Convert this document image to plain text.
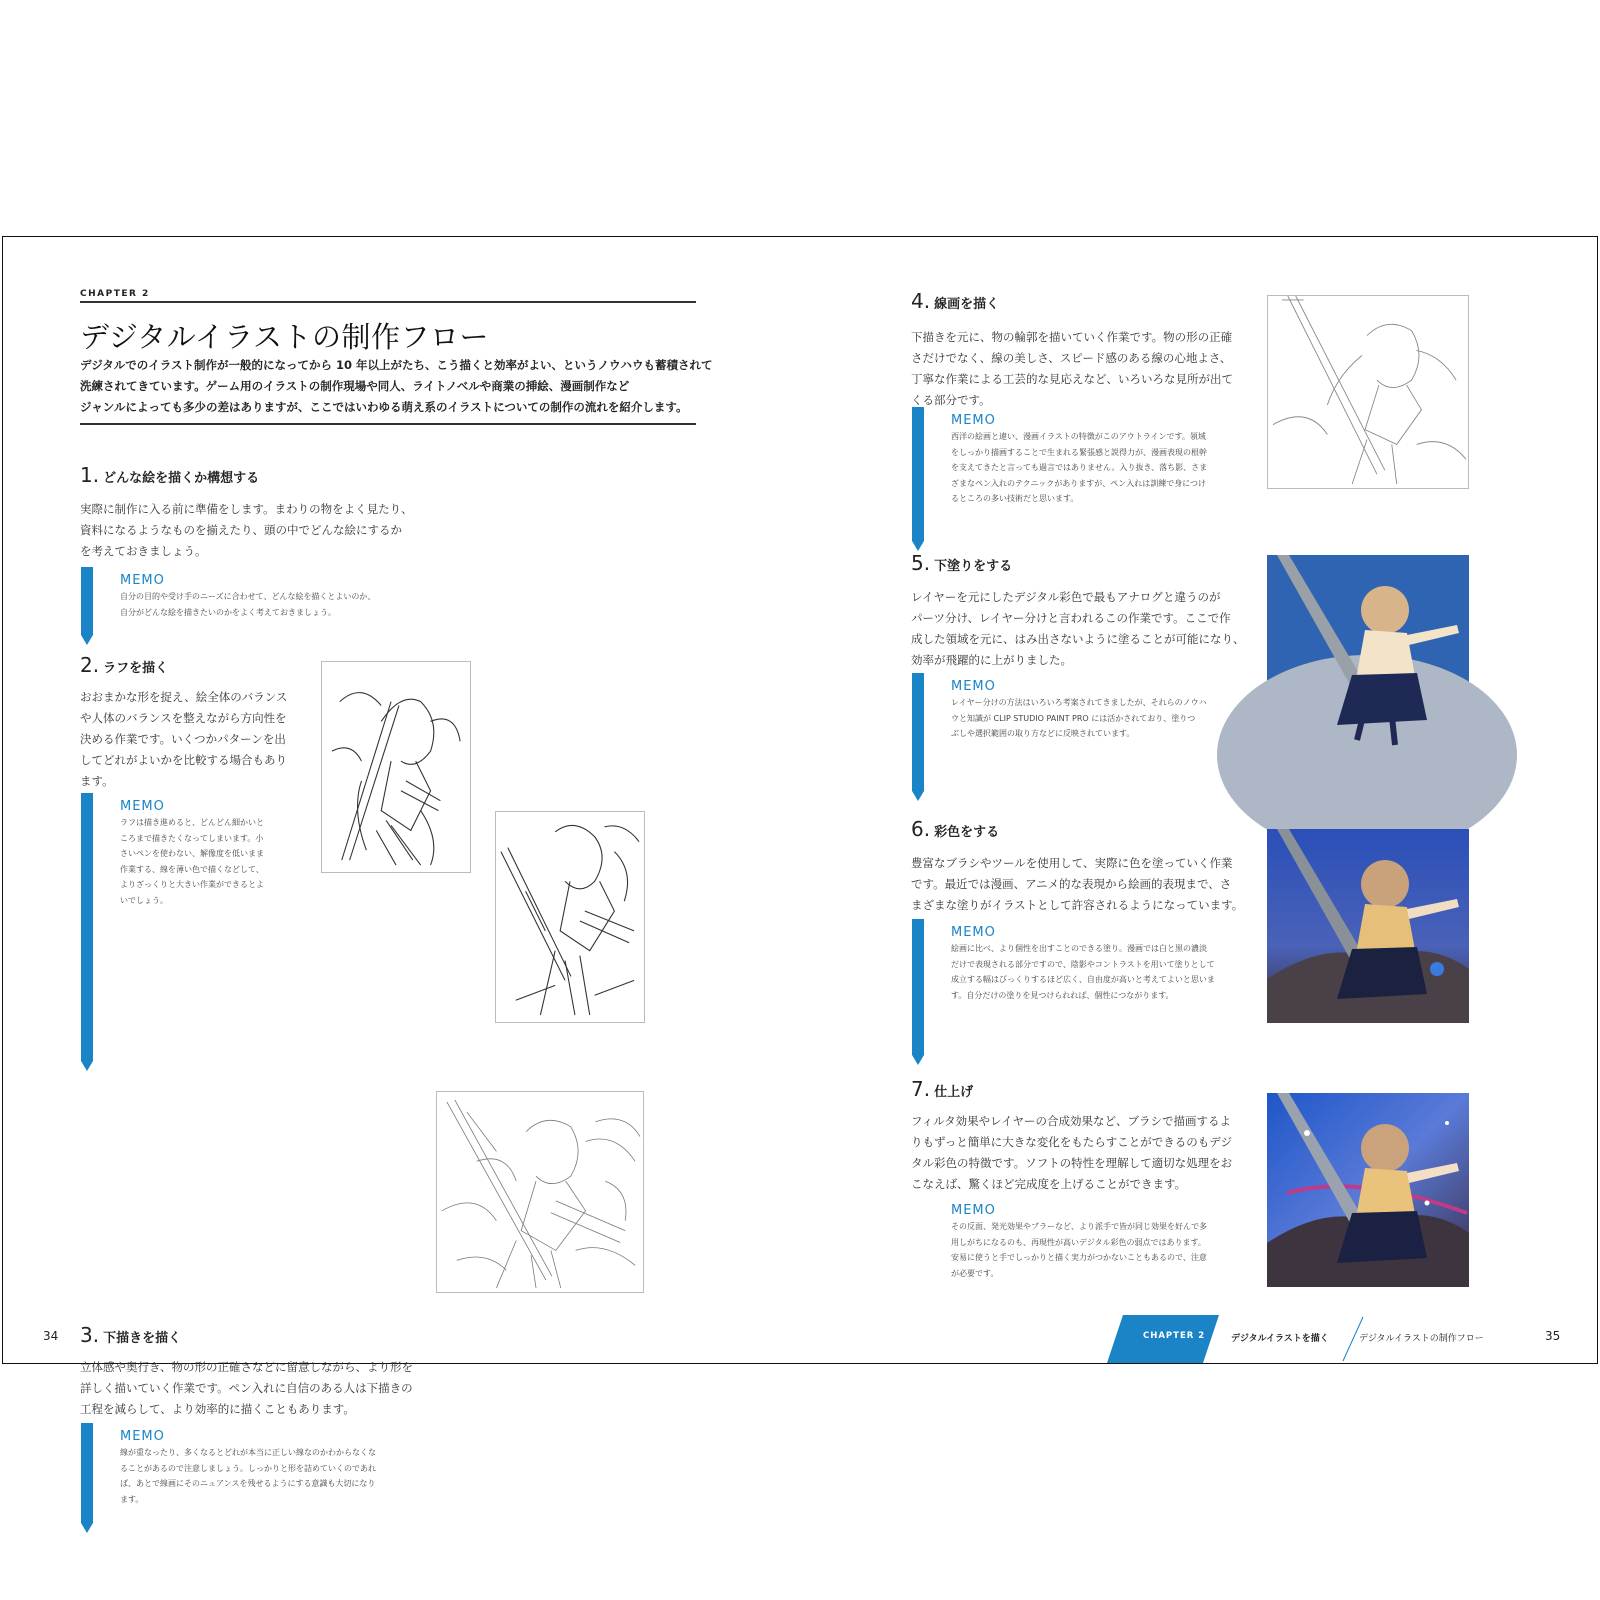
CHAPTER 2
デジタルイラストの制作フロー
デジタルでのイラスト制作が一般的になってから 10 年以上がたち、こう描くと効率がよい、というノウハウも蓄積されて
洗練されてきています。ゲーム用のイラストの制作現場や同人、ライトノベルや商業の挿絵、漫画制作など
ジャンルによっても多少の差はありますが、ここではいわゆる萌え系のイラストについての制作の流れを紹介します。
1. どんな絵を描くか構想する
実際に制作に入る前に準備をします。まわりの物をよく見たり、
資料になるようなものを揃えたり、頭の中でどんな絵にするか
を考えておきましょう。
MEMO
自分の目的や受け手のニーズに合わせて、どんな絵を描くとよいのか、
自分がどんな絵を描きたいのかをよく考えておきましょう。
2. ラフを描く
おおまかな形を捉え、絵全体のバランス
や人体のバランスを整えながら方向性を
決める作業です。いくつかパターンを出
してどれがよいかを比較する場合もあり
ます。
MEMO
ラフは描き進めると、どんどん細かいと
ころまで描きたくなってしまいます。小
さいペンを使わない、解像度を低いまま
作業する、線を薄い色で描くなどして、
よりざっくりと大きい作業ができるとよ
いでしょう。
3. 下描きを描く
立体感や奥行き、物の形の正確さなどに留意しながら、より形を
詳しく描いていく作業です。ペン入れに自信のある人は下描きの
工程を減らして、より効率的に描くこともあります。
MEMO
線が重なったり、多くなるとどれが本当に正しい線なのかわからなくな
ることがあるので注意しましょう。しっかりと形を詰めていくのであれ
ば、あとで線画にそのニュアンスを残せるようにする意識も大切になり
ます。
4. 線画を描く
下描きを元に、物の輪郭を描いていく作業です。物の形の正確
さだけでなく、線の美しさ、スピード感のある線の心地よさ、
丁寧な作業による工芸的な見応えなど、いろいろな見所が出て
くる部分です。
MEMO
西洋の絵画と違い、漫画イラストの特徴がこのアウトラインです。領域
をしっかり描画することで生まれる緊張感と説得力が、漫画表現の根幹
を支えてきたと言っても過言ではありません。入り抜き、落ち影、さま
ざまなペン入れのテクニックがありますが、ペン入れは訓練で身につけ
るところの多い技術だと思います。
5. 下塗りをする
レイヤーを元にしたデジタル彩色で最もアナログと違うのが
パーツ分け、レイヤー分けと言われるこの作業です。ここで作
成した領域を元に、はみ出さないように塗ることが可能になり、
効率が飛躍的に上がりました。
MEMO
レイヤー分けの方法はいろいろ考案されてきましたが、それらのノウハ
ウと知識が CLIP STUDIO PAINT PRO には活かされており、塗りつ
ぶしや選択範囲の取り方などに反映されています。
6. 彩色をする
豊富なブラシやツールを使用して、実際に色を塗っていく作業
です。最近では漫画、アニメ的な表現から絵画的表現まで、さ
まざまな塗りがイラストとして許容されるようになっています。
MEMO
絵画に比べ、より個性を出すことのできる塗り。漫画では白と黒の濃淡
だけで表現される部分ですので、陰影やコントラストを用いて塗りとして
成立する幅はびっくりするほど広く、自由度が高いと考えてよいと思いま
す。自分だけの塗りを見つけられれば、個性につながります。
7. 仕上げ
フィルタ効果やレイヤーの合成効果など、ブラシで描画するよ
りもずっと簡単に大きな変化をもたらすことができるのもデジ
タル彩色の特徴です。ソフトの特性を理解して適切な処理をお
こなえば、驚くほど完成度を上げることができます。
MEMO
その反面、発光効果やブラーなど、より派手で皆が同じ効果を好んで多
用しがちになるのも、再現性が高いデジタル彩色の弱点ではあります。
安易に使うと手でしっかりと描く実力がつかないこともあるので、注意
が必要です。
34	CHAPTER 2	デジタルイラストを描く	デジタルイラストの制作フロー	35
